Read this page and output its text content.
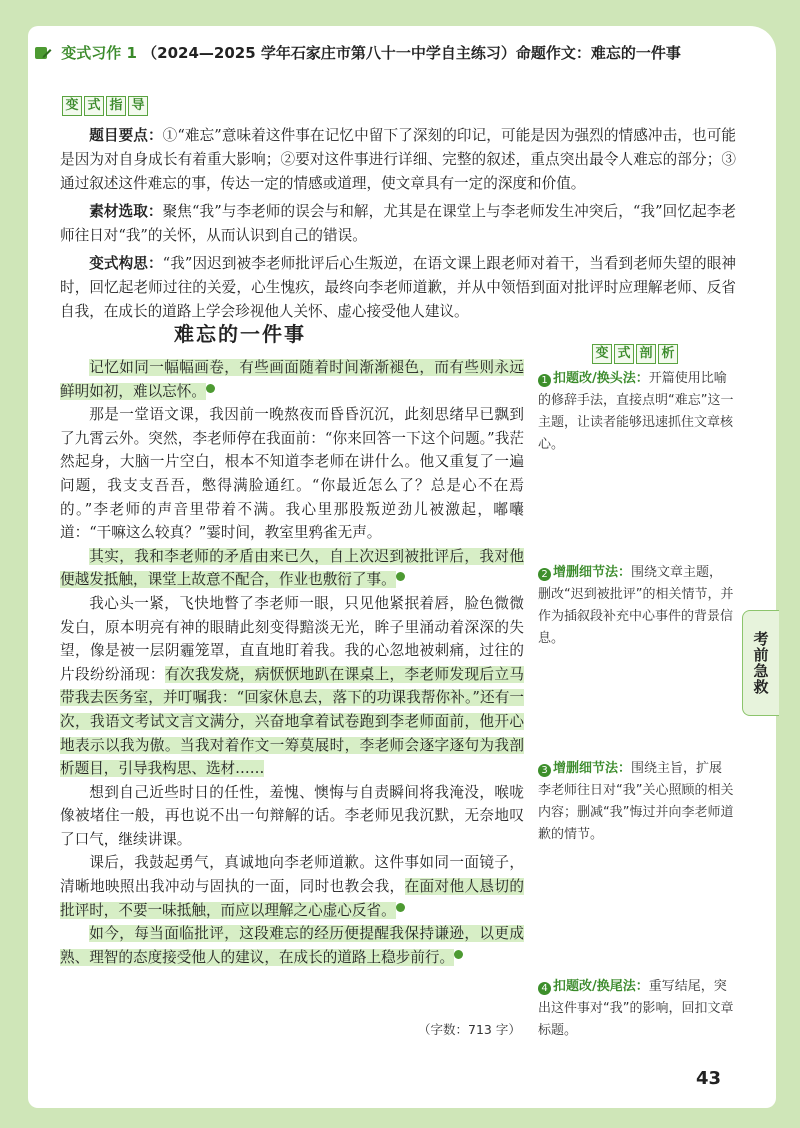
变式习作 1 （2024—2025 学年石家庄市第八十一中学自主练习）命题作文：难忘的一件事
变 式 指 导
题目要点：①“难忘”意味着这件事在记忆中留下了深刻的印记，可能是因为强烈的情感冲击，也可能是因为对自身成长有着重大影响；②要对这件事进行详细、完整的叙述，重点突出最令人难忘的部分；③通过叙述这件难忘的事，传达一定的情感或道理，使文章具有一定的深度和价值。
素材选取：聚焦“我”与李老师的误会与和解，尤其是在课堂上与李老师发生冲突后，“我”回忆起李老师往日对“我”的关怀，从而认识到自己的错误。
变式构思：“我”因迟到被李老师批评后心生叛逆，在语文课上跟老师对着干，当看到老师失望的眼神时，回忆起老师过往的关爱，心生愧疚，最终向李老师道歉，并从中领悟到面对批评时应理解老师、反省自我，在成长的道路上学会珍视他人关怀、虚心接受他人建议。
难忘的一件事
变 式 剖 析

记忆如同一幅幅画卷，有些画面随着时间渐渐褪色，而有些则永远鲜明如初，难以忘怀。	1

那是一堂语文课，我因前一晚熬夜而昏昏沉沉，此刻思绪早已飘到了九霄云外。突然，李老师停在我面前：“你来回答一下这个问题。”我茫然起身，大脑一片空白，根本不知道李老师在讲什么。他又重复了一遍问题，我支支吾吾，憋得满脸通红。“你最近怎么了？总是心不在焉的。”李老师的声音里带着不满。我心里那股叛逆劲儿被激起，嘟囔道：“干嘛这么较真？”霎时间，教室里鸦雀无声。

其实，我和李老师的矛盾由来已久，自上次迟到被批评后，我对他便越发抵触，课堂上故意不配合，作业也敷衍了事。	2

我心头一紧，飞快地瞥了李老师一眼，只见他紧抿着唇，脸色微微发白，原本明亮有神的眼睛此刻变得黯淡无光，眸子里涌动着深深的失望，像是被一层阴霾笼罩，直直地盯着我。我的心忽地被刺痛，过往的片段纷纷涌现：有次我发烧，病恹恹地趴在课桌上，李老师发现后立马带我去医务室，并叮嘱我：“回家休息去，落下的功课我帮你补。”还有一次，我语文考试文言文满分，兴奋地拿着试卷跑到李老师面前，他开心地表示以我为傲。当我对着作文一筹莫展时，李老师会逐字逐句为我剖析题目，引导我构思、选材……

想到自己近些时日的任性，羞愧、懊悔与自责瞬间将我淹没，喉咙像被堵住一般，再也说不出一句辩解的话。李老师见我沉默，无奈地叹了口气，继续讲课。

课后，我鼓起勇气，真诚地向李老师道歉。这件事如同一面镜子，清晰地映照出我冲动与固执的一面，同时也教会我，在面对他人恳切的批评时，不要一味抵触，而应以理解之心虚心反省。	3

如今，每当面临批评，这段难忘的经历便提醒我保持谦逊，以更成熟、理智的态度接受他人的建议，在成长的道路上稳步前行。	4

（字数：713 字）
1 扣题改/换头法：开篇使用比喻的修辞手法，直接点明“难忘”这一主题，让读者能够迅速抓住文章核心。
2 增删细节法：围绕文章主题，删改“迟到被批评”的相关情节，并作为插叙段补充中心事件的背景信息。
3 增删细节法：围绕主旨，扩展李老师往日对“我”关心照顾的相关内容；删减“我”悔过并向李老师道歉的情节。
4 扣题改/换尾法：重写结尾，突出这件事对“我”的影响，回扣文章标题。
考前急救
43
